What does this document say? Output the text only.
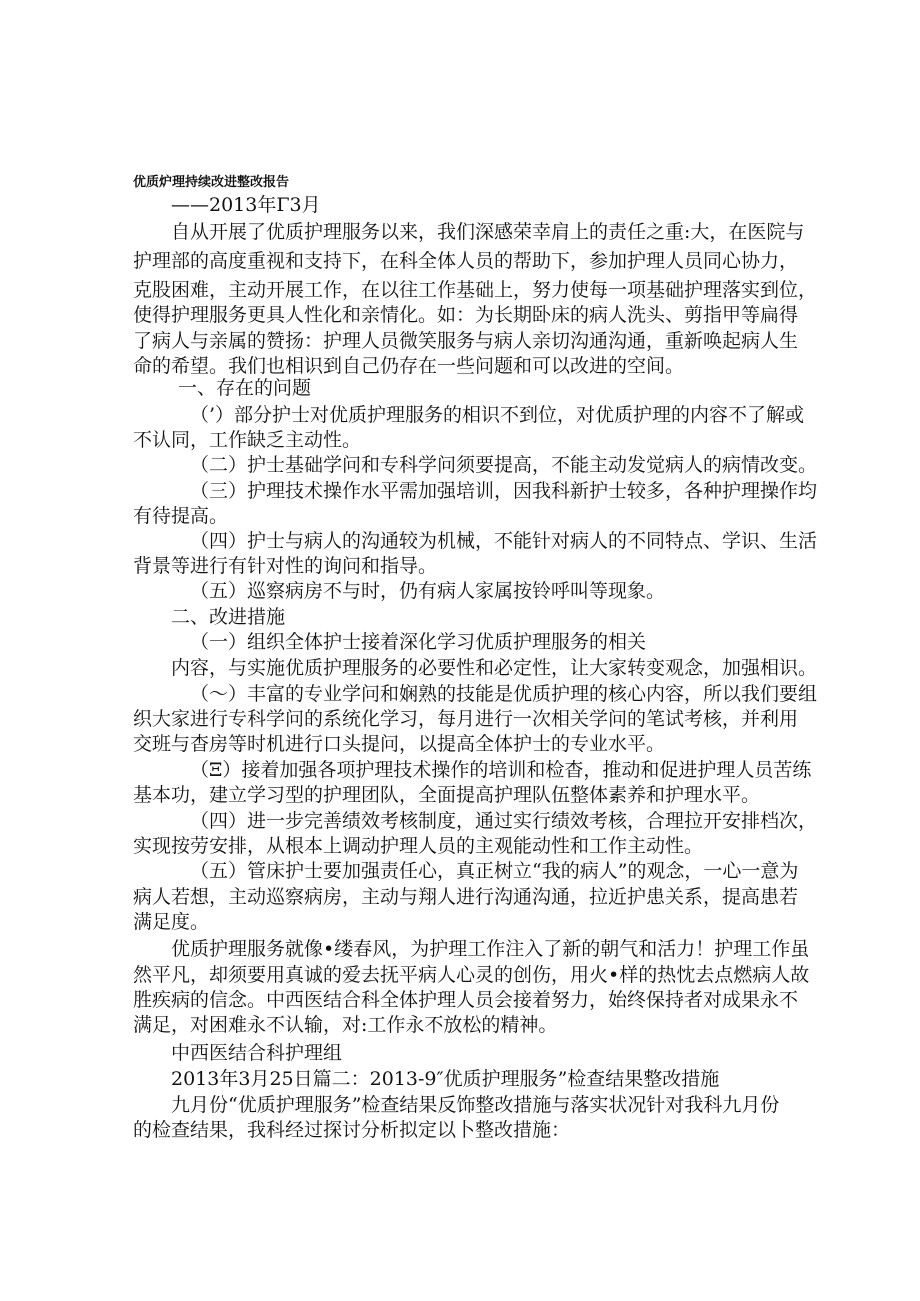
优质炉理持续改进整改报告
——2013年Γ3月
自从开展了优质护理服务以来，我们深感荣幸肩上的责任之重:大，在医院与
护理部的高度重视和支持下，在科全体人员的帮助下，参加护理人员同心协力，
克股困难，主动开展工作，在以往工作基础上，努力使每一项基础护理落实到位，
使得护理服务更具人性化和亲情化。如：为长期卧床的病人洗头、剪指甲等扁得
了病人与亲属的赞扬：护理人员微笑服务与病人亲切沟通沟通，重新唤起病人生
命的希望。我们也相识到自己仍存在一些问题和可以改进的空间。
一、存在的问题
（’）部分护士对优质护理服务的相识不到位，对优质护理的内容不了解或
不认同，工作缺乏主动性。
（二）护士基础学问和专科学问须要提高，不能主动发觉病人的病情改变。
（三）护理技术操作水平需加强培训，因我科新护士较多，各种护理操作均
有待提高。
（四）护士与病人的沟通较为机械，不能针对病人的不同特点、学识、生活
背景等进行有针对性的询问和指导。
（五）巡察病房不与时，仍有病人家属按铃呼叫等现象。
二、改进措施
（一）组织全体护士接着深化学习优质护理服务的相关
内容，与实施优质护理服务的必要性和必定性，让大家转变观念，加强相识。
（〜）丰富的专业学问和娴熟的技能是优质护理的核心内容，所以我们要组
织大家进行专科学问的系统化学习，每月进行一次相关学问的笔试考核，并利用
交班与杳房等时机进行口头提问，以提高全体护士的专业水平。
（Ξ）接着加强各项护理技术操作的培训和检杳，推动和促进护理人员苦练
基本功，建立学习型的护理团队，全面提高护理队伍整体素养和护理水平。
（四）进一步完善绩效考核制度，通过实行绩效考核，合理拉开安排档次，
实现按劳安排，从根本上调动护理人员的主观能动性和工作主动性。
（五）管床护士要加强责任心，真正树立“我的病人”的观念，一心一意为
病人若想，主动巡察病房，主动与翔人进行沟通沟通，拉近护患关系，提高患若
满足度。
优质护理服务就像•缕春风，为护理工作注入了新的朝气和活力！护理工作虽
然平凡，却须要用真诚的爱去抚平病人心灵的创伤，用火•样的热忱去点燃病人故
胜疾病的信念。中西医结合科全体护理人员会接着努力，始终保持者对成果永不
满足，对困难永不认输，对:工作永不放松的精神。
中西医结合科护理组
2013年3月25日篇二：2013-9″优质护理服务”检查结果整改措施
九月份“优质护理服务”检查结果反饰整改措施与落实状况针对我科九月份
的检查结果，我科经过探讨分析拟定以卜整改措施：
